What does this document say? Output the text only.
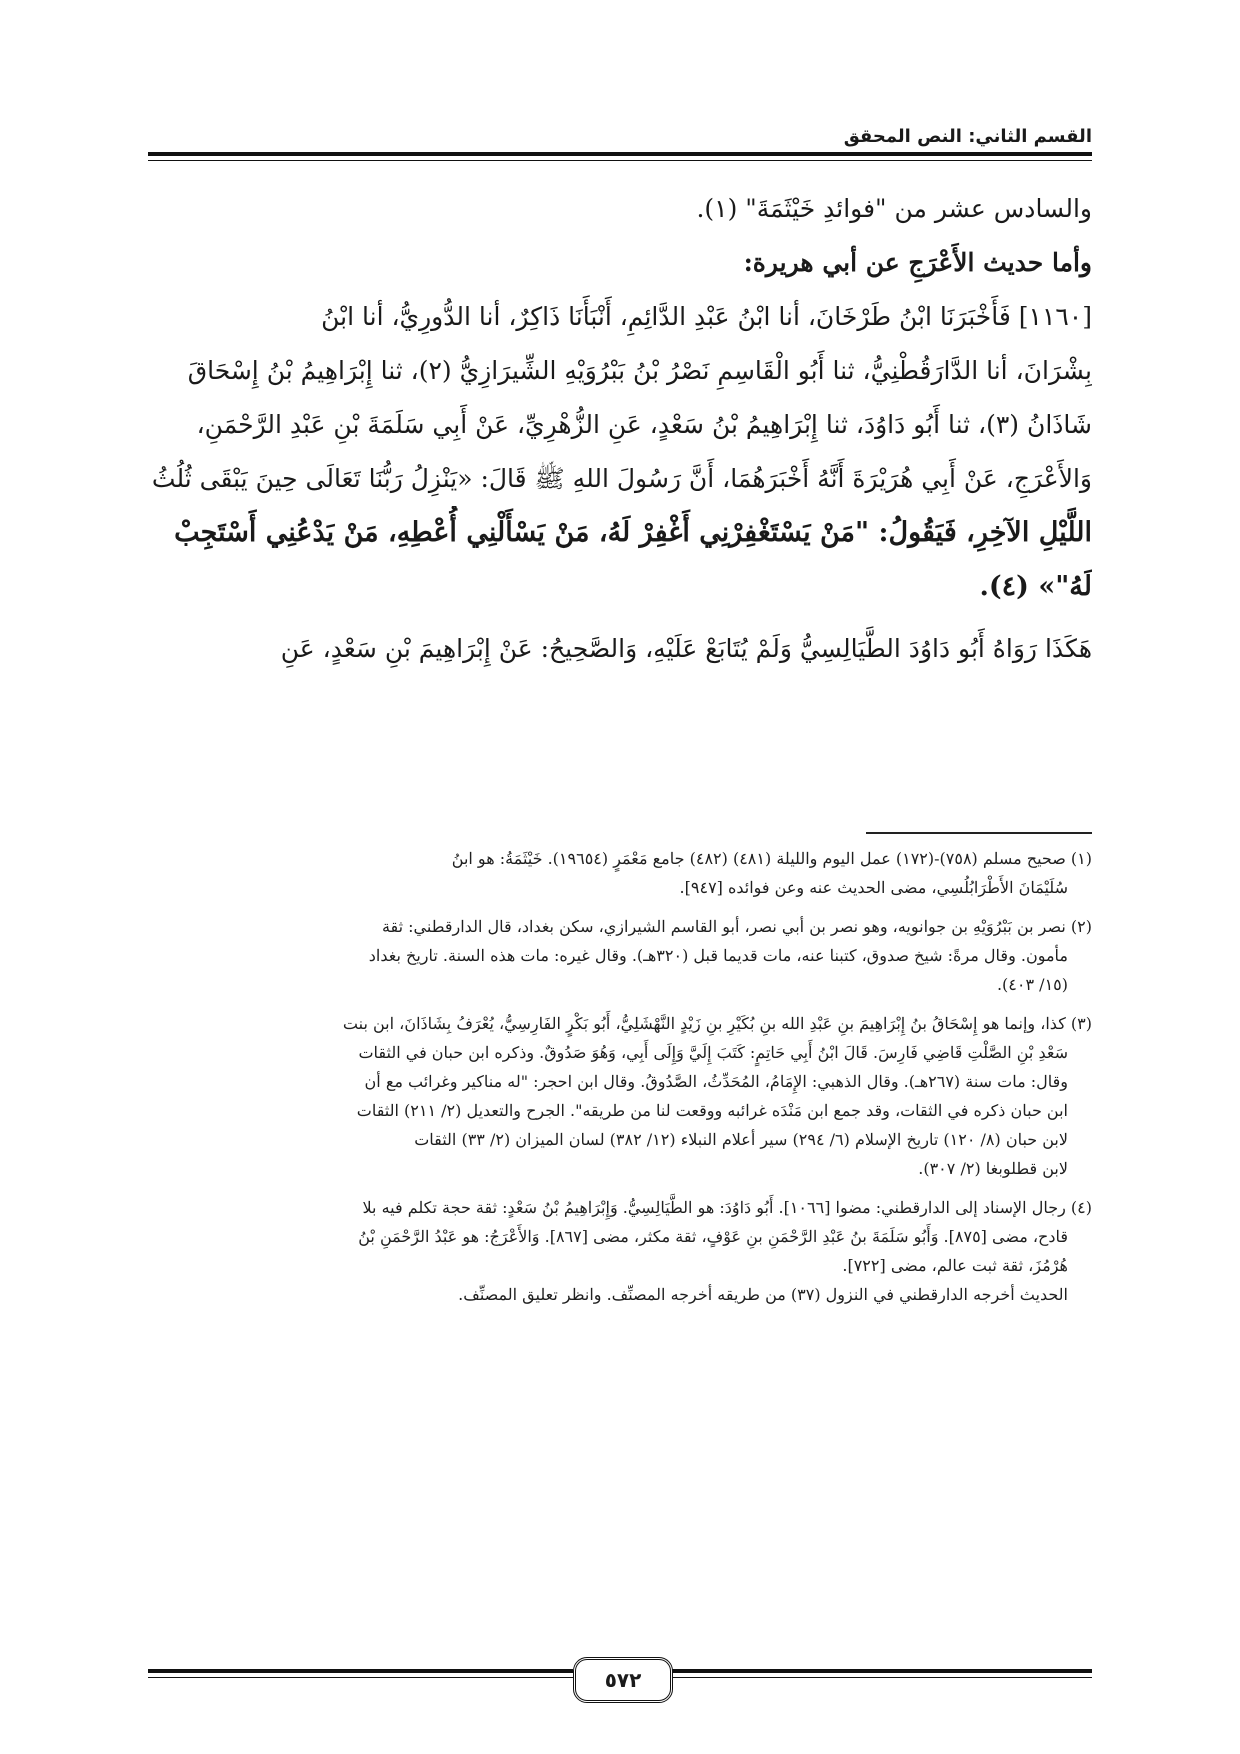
القسم الثاني: النص المحقق
والسادس عشر من "فوائدِ خَيْثَمَةَ" (١).
وأما حديث الأَعْرَجِ عن أبي هريرة:
[١١٦٠] فَأَخْبَرَنَا ابْنُ طَرْخَانَ، أنا ابْنُ عَبْدِ الدَّائِمِ، أَنْبَأَنَا ذَاكِرٌ، أنا الدُّورِيُّ، أنا ابْنُ
بِشْرَانَ، أنا الدَّارَقُطْنِيُّ، ثنا أَبُو الْقَاسِمِ نَصْرُ بْنُ بَبْرُوَيْهِ الشِّيرَازِيُّ (٢)، ثنا إِبْرَاهِيمُ بْنُ إِسْحَاقَ
شَاذَانُ (٣)، ثنا أَبُو دَاوُدَ، ثنا إِبْرَاهِيمُ بْنُ سَعْدٍ، عَنِ الزُّهْرِيِّ، عَنْ أَبِي سَلَمَةَ بْنِ عَبْدِ الرَّحْمَنِ،
وَالأَعْرَجِ، عَنْ أَبِي هُرَيْرَةَ أَنَّهُ أَخْبَرَهُمَا، أَنَّ رَسُولَ اللهِ ﷺ قَالَ: «يَنْزِلُ رَبُّنَا تَعَالَى حِينَ يَبْقَى ثُلُثُ
اللَّيْلِ الآخِرِ، فَيَقُولُ: "مَنْ يَسْتَغْفِرْنِي أَغْفِرْ لَهُ، مَنْ يَسْأَلْنِي أُعْطِهِ، مَنْ يَدْعُنِي أَسْتَجِبْ
لَهُ"» (٤).
هَكَذَا رَوَاهُ أَبُو دَاوُدَ الطَّيَالِسِيُّ وَلَمْ يُتَابَعْ عَلَيْهِ، وَالصَّحِيحُ: عَنْ إِبْرَاهِيمَ بْنِ سَعْدٍ، عَنِ
(١) صحيح مسلم (٧٥٨)-(١٧٢) عمل اليوم والليلة (٤٨١) (٤٨٢) جامع مَعْمَرٍ (١٩٦٥٤). خَيْثَمَةُ: هو ابنُ
سُلَيْمَانَ الأَطْرَابُلُسِي، مضى الحديث عنه وعن فوائده [٩٤٧].
(٢) نصر بن بَبْرُوَيْهِ بن جوانويه، وهو نصر بن أبي نصر، أبو القاسم الشيرازي، سكن بغداد، قال الدارقطني: ثقة
مأمون. وقال مرةً: شيخ صدوق، كتبنا عنه، مات قديما قبل (٣٢٠هـ). وقال غيره: مات هذه السنة. تاريخ بغداد
(١٥/ ٤٠٣).
(٣) كذا، وإنما هو إِسْحَاقُ بنُ إِبْرَاهِيمَ بنِ عَبْدِ الله بنِ بُكَيْرِ بنِ زَيْدٍ النَّهْشَلِيُّ، أَبُو بَكْرٍ الفَارِسِيُّ، يُعْرَفُ بِشَاذَانَ، ابن بنت
سَعْدِ بْنِ الصَّلْتِ قَاضِي فَارِسَ. قَالَ ابْنُ أَبِي حَاتِمٍ: كَتَبَ إِلَيَّ وَإِلَى أَبِي، وَهُوَ صَدُوقٌ. وذكره ابن حبان في الثقات
وقال: مات سنة (٢٦٧هـ). وقال الذهبي: الإِمَامُ، المُحَدِّثُ، الصَّدُوقُ. وقال ابن احجر: "له مناكير وغرائب مع أن
ابن حبان ذكره في الثقات، وقد جمع ابن مَنْدَه غرائبه ووقعت لنا من طريقه". الجرح والتعديل (٢/ ٢١١) الثقات
لابن حبان (٨/ ١٢٠) تاريخ الإسلام (٦/ ٢٩٤) سير أعلام النبلاء (١٢/ ٣٨٢) لسان الميزان (٢/ ٣٣) الثقات
لابن قطلوبغا (٢/ ٣٠٧).
(٤) رجال الإسناد إلى الدارقطني: مضوا [١٠٦٦]. أَبُو دَاوُدَ: هو الطَّيَالِسِيُّ. وَإِبْرَاهِيمُ بْنُ سَعْدٍ: ثقة حجة تكلم فيه بلا
قادح، مضى [٨٧٥]. وَأَبُو سَلَمَةَ بنُ عَبْدِ الرَّحْمَنِ بنِ عَوْفٍ، ثقة مكثر، مضى [٨٦٧]. وَالأَعْرَجُ: هو عَبْدُ الرَّحْمَنِ بْنُ
هُرْمُزَ، ثقة ثبت عالم، مضى [٧٢٢].
الحديث أخرجه الدارقطني في النزول (٣٧) من طريقه أخرجه المصنِّف. وانظر تعليق المصنِّف.
٥٧٢
